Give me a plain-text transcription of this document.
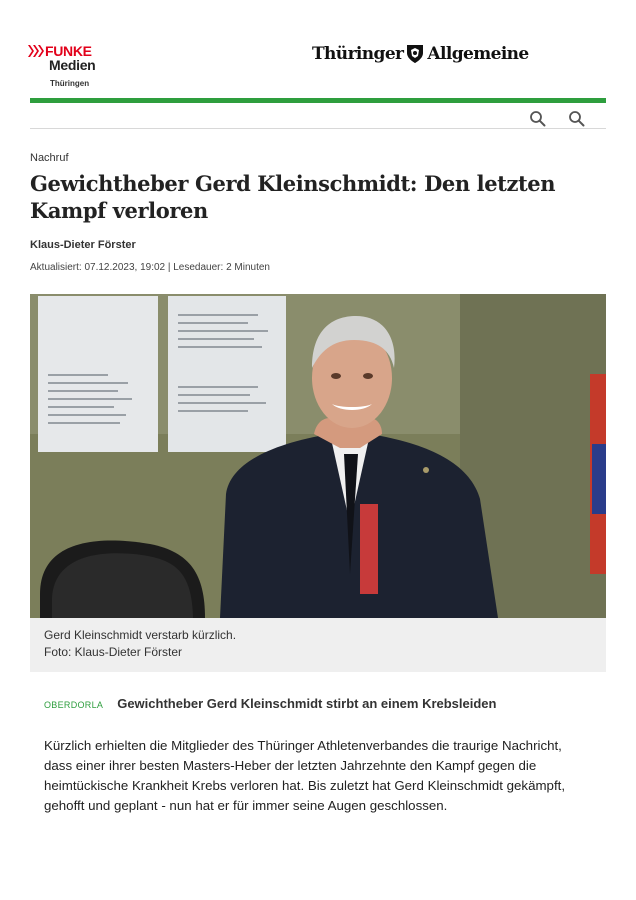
FUNKE
Medien
Thüringen
Thüringer Allgemeine
Nachruf
Gewichtheber Gerd Kleinschmidt: Den letzten Kampf verloren
Klaus-Dieter Förster
Aktualisiert: 07.12.2023, 19:02 | Lesedauer: 2 Minuten
Gerd Kleinschmidt verstarb kürzlich.
Foto: Klaus-Dieter Förster
OBERDORLA Gewichtheber Gerd Kleinschmidt stirbt an einem Krebsleiden

Kürzlich erhielten die Mitglieder des Thüringer Athletenverbandes die traurige Nachricht, dass einer ihrer besten Masters-Heber der letzten Jahrzehnte den Kampf gegen die heimtückische Krankheit Krebs verloren hat. Bis zuletzt hat Gerd Kleinschmidt gekämpft, gehofft und geplant - nun hat er für immer seine Augen geschlossen.
